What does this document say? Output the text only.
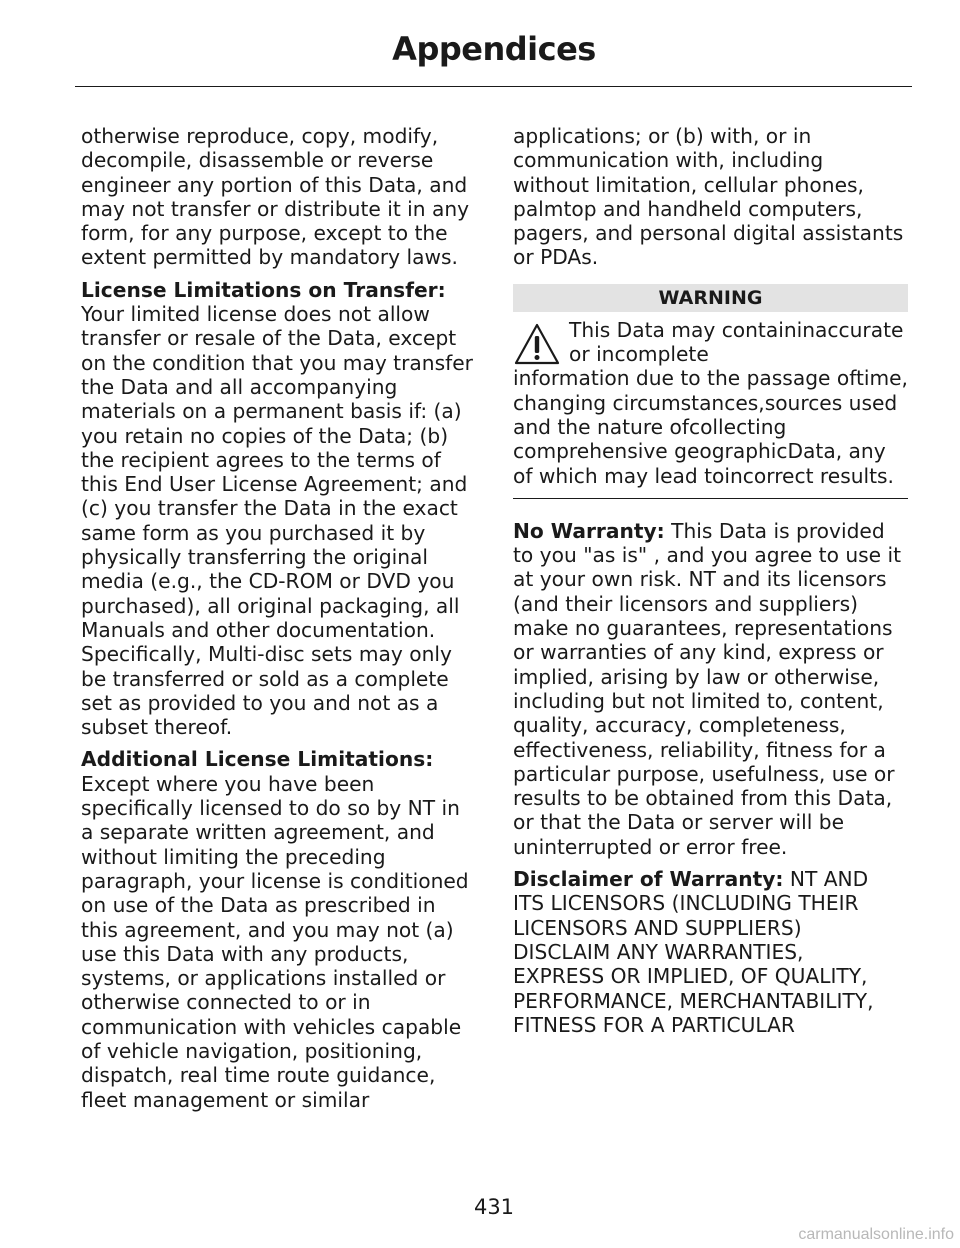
Appendices
otherwise reproduce, copy, modify,
decompile, disassemble or reverse
engineer any portion of this Data, and
may not transfer or distribute it in any
form, for any purpose, except to the
extent permitted by mandatory laws.
License Limitations on Transfer:
Your limited license does not allow
transfer or resale of the Data, except
on the condition that you may transfer
the Data and all accompanying
materials on a permanent basis if: (a)
you retain no copies of the Data; (b)
the recipient agrees to the terms of
this End User License Agreement; and
(c) you transfer the Data in the exact
same form as you purchased it by
physically transferring the original
media (e.g., the CD-ROM or DVD you
purchased), all original packaging, all
Manuals and other documentation.
Specifically, Multi-disc sets may only
be transferred or sold as a complete
set as provided to you and not as a
subset thereof.
Additional License Limitations:
Except where you have been
specifically licensed to do so by NT in
a separate written agreement, and
without limiting the preceding
paragraph, your license is conditioned
on use of the Data as prescribed in
this agreement, and you may not (a)
use this Data with any products,
systems, or applications installed or
otherwise connected to or in
communication with vehicles capable
of vehicle navigation, positioning,
dispatch, real time route guidance,
fleet management or similar
applications; or (b) with, or in
communication with, including
without limitation, cellular phones,
palmtop and handheld computers,
pagers, and personal digital assistants
or PDAs.
WARNING
This Data may containinaccurate or incomplete
information due to the passage oftime, changing circumstances,sources used and the nature ofcollecting comprehensive geographicData, any of which may lead toincorrect results.
No Warranty: This Data is provided
to you "as is" , and you agree to use it
at your own risk. NT and its licensors
(and their licensors and suppliers)
make no guarantees, representations
or warranties of any kind, express or
implied, arising by law or otherwise,
including but not limited to, content,
quality, accuracy, completeness,
effectiveness, reliability, fitness for a
particular purpose, usefulness, use or
results to be obtained from this Data,
or that the Data or server will be
uninterrupted or error free.
Disclaimer of Warranty: NT AND
ITS LICENSORS (INCLUDING THEIR
LICENSORS AND SUPPLIERS)
DISCLAIM ANY WARRANTIES,
EXPRESS OR IMPLIED, OF QUALITY,
PERFORMANCE, MERCHANTABILITY,
FITNESS FOR A PARTICULAR
431
carmanualsonline.info
